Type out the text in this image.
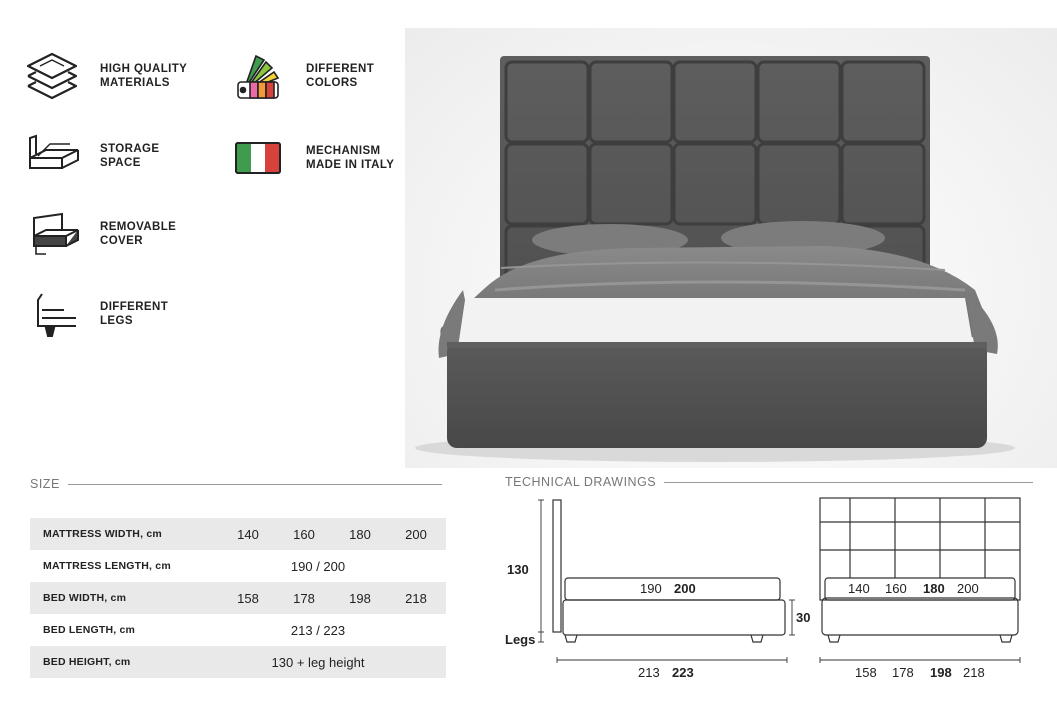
HIGH QUALITY
MATERIALS
DIFFERENT
COLORS
STORAGE
SPACE
MECHANISM
MADE IN ITALY
REMOVABLE
COVER
DIFFERENT
LEGS
SIZE
MATTRESS WIDTH, cm	140	160	180	200
MATTRESS LENGTH, cm	190 / 200
BED WIDTH, cm	158	178	198	218
BED LENGTH, cm	213 / 223
BED HEIGHT, cm	130 + leg height
TECHNICAL DRAWINGS
130
Legs
30
190 200
213 223
140 160 180 200
158 178 198 218
